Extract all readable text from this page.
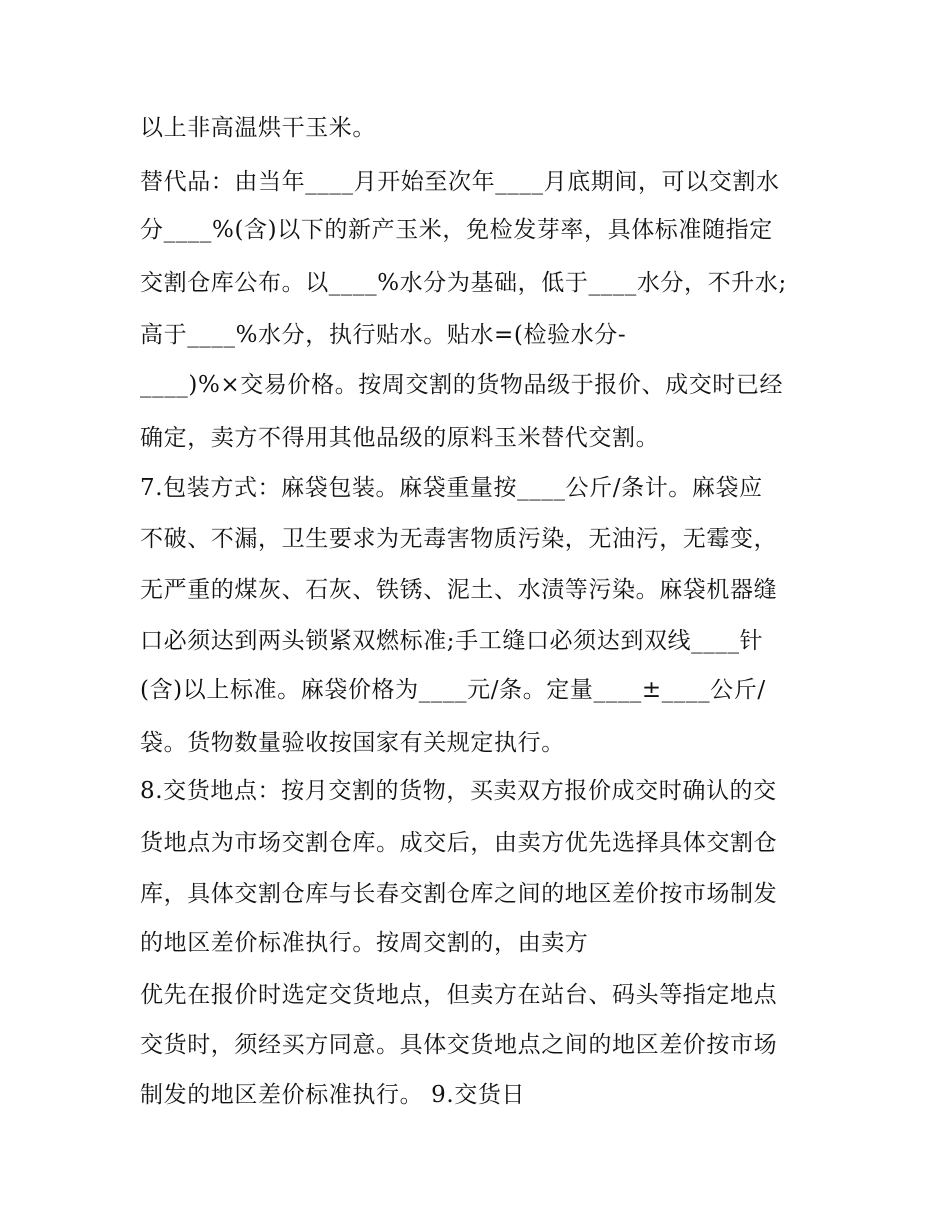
以上非高温烘干玉米。
替代品：由当年____月开始至次年____月底期间，可以交割水
分____%(含)以下的新产玉米，免检发芽率，具体标准随指定
交割仓库公布。以____%水分为基础，低于____水分，不升水;
高于____%水分，执行贴水。贴水=(检验水分-
____)%×交易价格。按周交割的货物品级于报价、成交时已经
确定，卖方不得用其他品级的原料玉米替代交割。
7.包装方式：麻袋包装。麻袋重量按____公斤/条计。麻袋应
不破、不漏，卫生要求为无毒害物质污染，无油污，无霉变，
无严重的煤灰、石灰、铁锈、泥土、水渍等污染。麻袋机器缝
口必须达到两头锁紧双燃标准;手工缝口必须达到双线____针
(含)以上标准。麻袋价格为____元/条。定量____±____公斤/
袋。货物数量验收按国家有关规定执行。
8.交货地点：按月交割的货物，买卖双方报价成交时确认的交
货地点为市场交割仓库。成交后，由卖方优先选择具体交割仓
库，具体交割仓库与长春交割仓库之间的地区差价按市场制发
的地区差价标准执行。按周交割的，由卖方
优先在报价时选定交货地点，但卖方在站台、码头等指定地点
交货时，须经买方同意。具体交货地点之间的地区差价按市场
制发的地区差价标准执行。 9.交货日
